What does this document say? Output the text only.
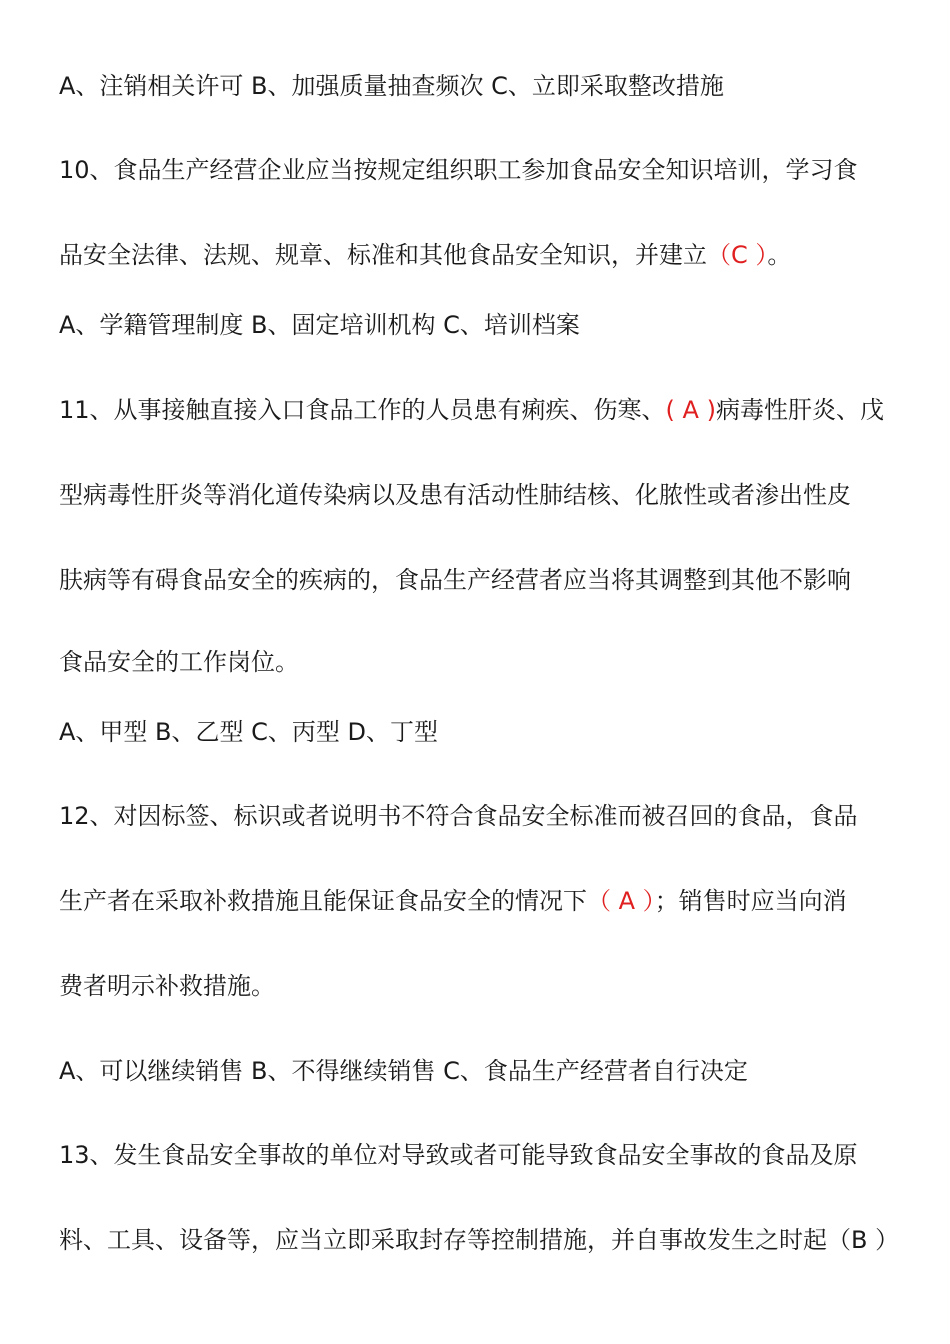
A、注销相关许可 B、加强质量抽查频次 C、立即采取整改措施
10、食品生产经营企业应当按规定组织职工参加食品安全知识培训，学习食
品安全法律、法规、规章、标准和其他食品安全知识，并建立（C ）。
A、学籍管理制度 B、固定培训机构 C、培训档案
11、从事接触直接入口食品工作的人员患有痢疾、伤寒、( A )病毒性肝炎、戊
型病毒性肝炎等消化道传染病以及患有活动性肺结核、化脓性或者渗出性皮
肤病等有碍食品安全的疾病的，食品生产经营者应当将其调整到其他不影响
食品安全的工作岗位。
A、甲型 B、乙型 C、丙型 D、丁型
12、对因标签、标识或者说明书不符合食品安全标准而被召回的食品，食品
生产者在采取补救措施且能保证食品安全的情况下（ A ）；销售时应当向消
费者明示补救措施。
A、可以继续销售 B、不得继续销售 C、食品生产经营者自行决定
13、发生食品安全事故的单位对导致或者可能导致食品安全事故的食品及原
料、工具、设备等，应当立即采取封存等控制措施，并自事故发生之时起（B ）
